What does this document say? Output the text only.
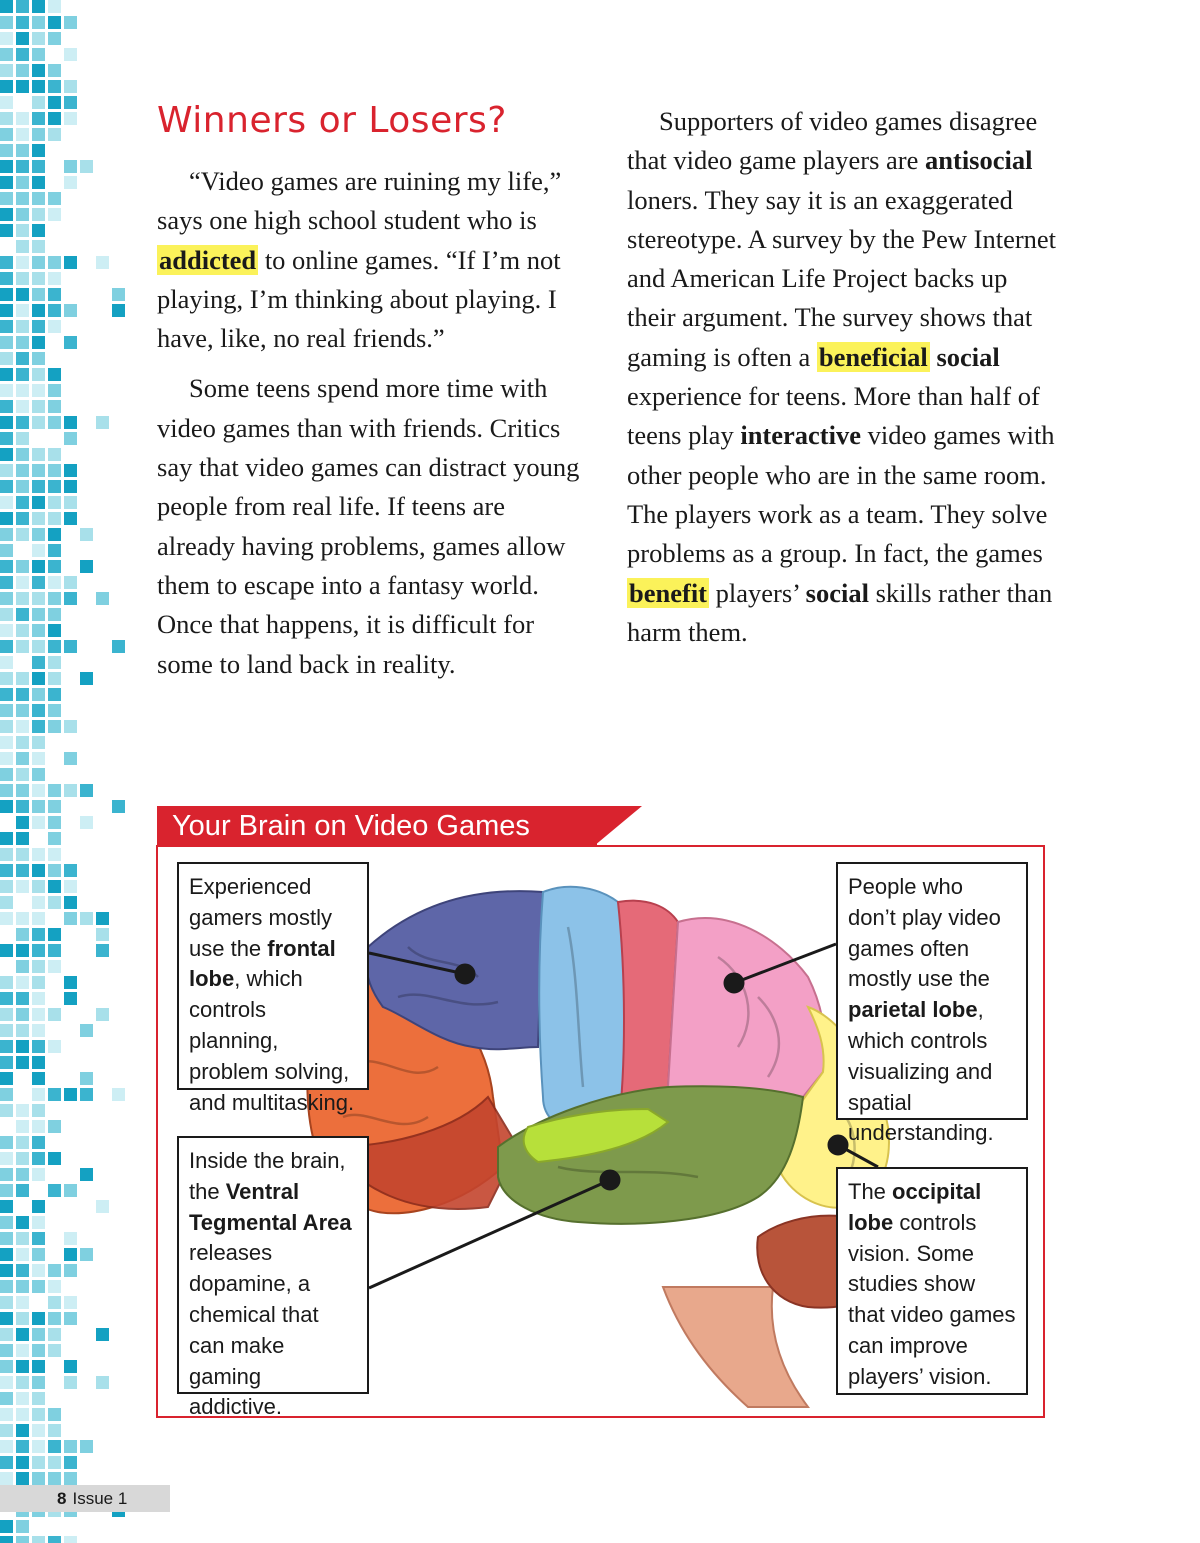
Winners or Losers?

“Video games are ruining my life,” says one high school student who is addicted to online games. “If I’m not playing, I’m thinking about playing. I have, like, no real friends.”

Some teens spend more time with video games than with friends. Critics say that video games can distract young people from real life. If teens are already having problems, games allow them to escape into a fantasy world. Once that happens, it is difficult for some to land back in reality.

Supporters of video games disagree that video game players are antisocial loners. They say it is an exaggerated stereotype. A survey by the Pew Internet and American Life Project backs up their argument. The survey shows that gaming is often a beneficial social experience for teens. More than half of teens play interactive video games with other people who are in the same room. The players work as a team. They solve problems as a group. In fact, the games benefit players’ social skills rather than harm them.

Your Brain on Video Games
Experienced gamers mostly use the frontal lobe, which controls planning, problem solving, and multitasking.
People who don’t play video games often mostly use the parietal lobe, which controls visualizing and spatial understanding.
Inside the brain, the Ventral Tegmental Area releases dopamine, a chemical that can make gaming addictive.
The occipital lobe controls vision. Some studies show that video games can improve players’ vision.
8 Issue 1
